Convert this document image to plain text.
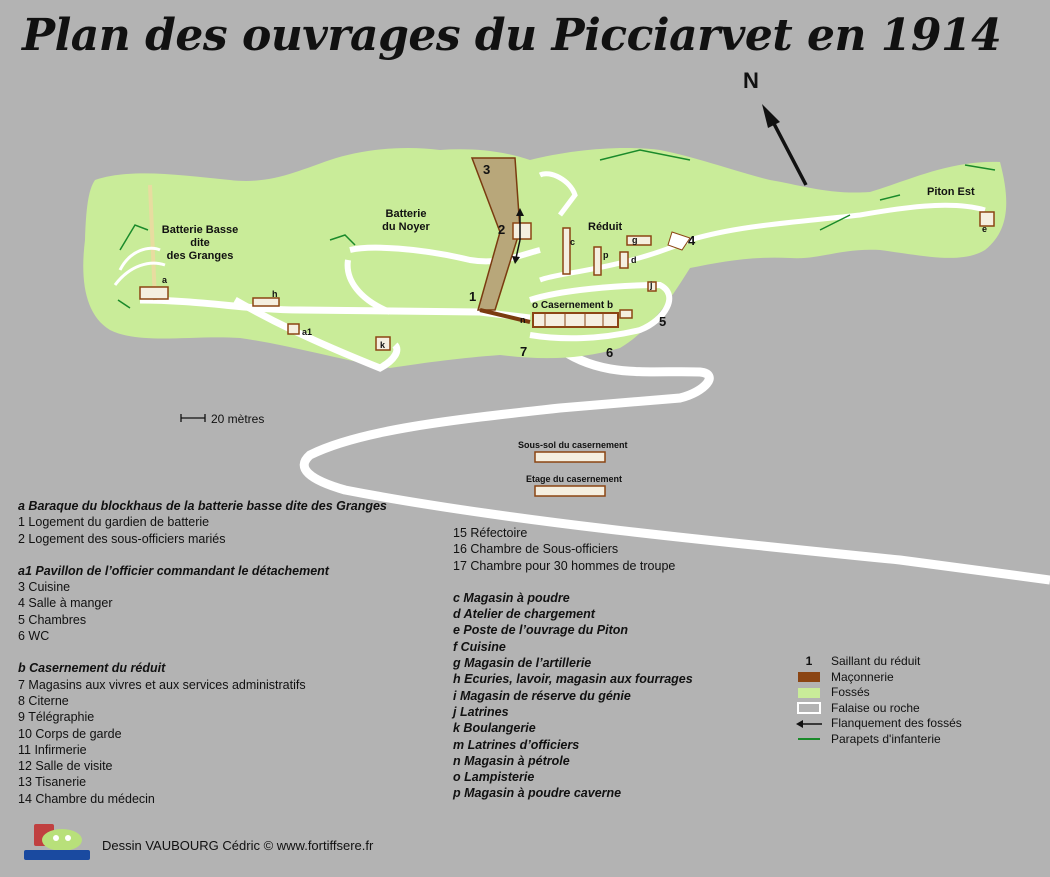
Plan des ouvrages du Picciarvet en 1914
N
Batterie Basse
dite
des Granges
Batterie
du Noyer	Réduit
Piton Est
o Casernement b
3
2
1
4
5
6
7
a
h
a1
k
c
p	d
g
j
e
n
20 mètres
Sous-sol du casernement
Etage du casernement
a Baraque du blockhaus de la batterie basse dite des Granges
1 Logement du gardien de batterie
2 Logement des sous-officiers mariés
a1 Pavillon de l’officier commandant le détachement
3 Cuisine
4 Salle à manger
5 Chambres
6 WC
b Casernement du réduit
7 Magasins aux vivres et aux services administratifs
8 Citerne
9 Télégraphie
10 Corps de garde
11 Infirmerie
12 Salle de visite
13 Tisanerie
14 Chambre du médecin
15 Réfectoire
16 Chambre de Sous-officiers
17 Chambre pour 30 hommes de troupe
c Magasin à poudre
d Atelier de chargement
e Poste de l’ouvrage du Piton
f Cuisine
g Magasin de l’artillerie
h Ecuries, lavoir, magasin aux fourrages
i Magasin de réserve du génie
j Latrines
k Boulangerie
m Latrines d’officiers
n Magasin à pétrole
o Lampisterie
p Magasin à poudre caverne
1	Saillant du réduit
Maçonnerie
Fossés
Falaise ou roche
Flanquement des fossés
Parapets d'infanterie
Dessin VAUBOURG Cédric © www.fortiffsere.fr
